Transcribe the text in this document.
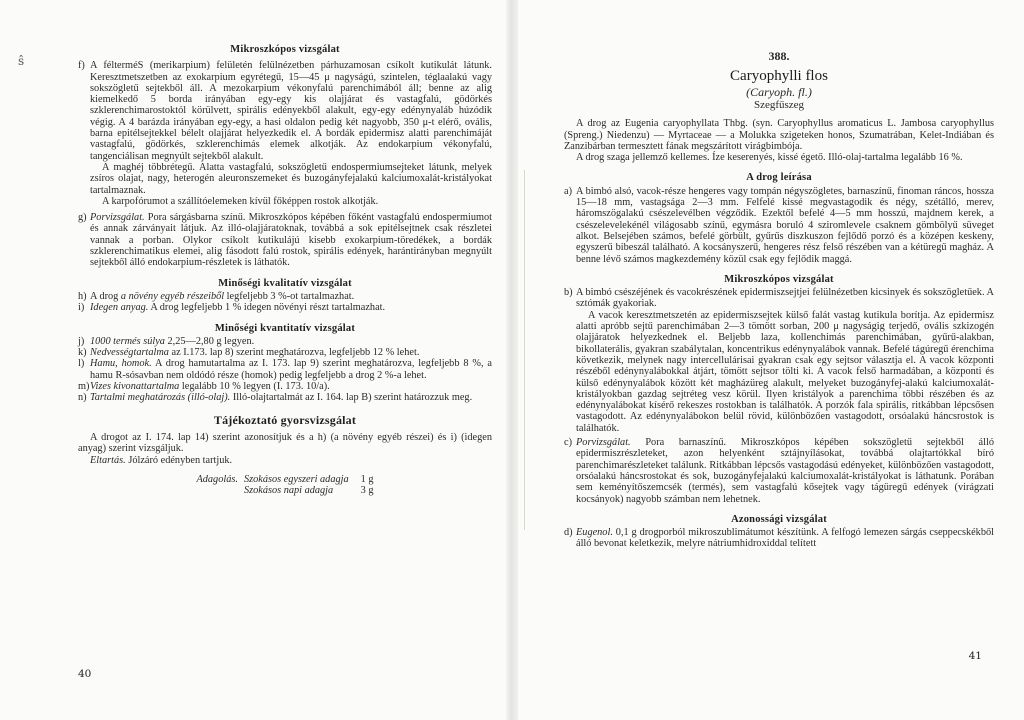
ŝ
Mikroszkópos vizsgálat
f) A félterméS (merikarpium) felületén felülnézetben párhuzamosan csíkolt kutikulát látunk. Keresztmetszetben az exokarpium egyrétegű, 15—45 μ nagyságú, szintelen, téglaalakú vagy sokszögletű sejtekből áll. A mezokarpium vékonyfalú parenchimából áll; benne az alig kiemelkedő 5 borda irányában egy-egy kis olajjárat és vastagfalú, gödörkés szklerenchimarostoktól körülvett, spirális edényekből alakult, egy-egy edénynyaláb húzódik végig. A 4 barázda irányában egy-egy, a hasi oldalon pedig két nagyobb, 350 μ-t elérő, ovális, barna epitélsejtekkel bélelt olajjárat helyezkedik el. A bordák epidermisz alatti parenchimáját vastagfalú, gödörkés, szklerenchimás elemek alkotják. Az endokarpium vékonyfalú, tangenciálisan megnyúlt sejtekből alakult.

A maghéj többrétegű. Alatta vastagfalú, sokszögletű endospermiumsejteket látunk, melyek zsíros olajat, nagy, heterogén aleuronszemeket és buzogányfejalakú kalciumoxalát-kristályokat tartalmaznak.

A karpofórumot a szállítóelemeken kívül főképpen rostok alkotják.

g) Porvizsgálat. Pora sárgásbarna színű. Mikroszkópos képében főként vastagfalú endospermiumot és annak zárványait látjuk. Az illó-olajjáratoknak, továbbá a sok epitélsejtnek csak részletei vannak a porban. Olykor csíkolt kutikulájú kisebb exokarpium-töredékek, a bordák szklerenchimatikus elemei, alig fásodott falú rostok, spirális edények, harántirányban megnyúlt sejtekből álló endokarpium-részletek is láthatók.

Minőségi kvalitatív vizsgálat
h) A drog a növény egyéb részeiből legfeljebb 3 %-ot tartalmazhat.

i) Idegen anyag. A drog legfeljebb 1 % idegen növényi részt tartalmazhat.

Minőségi kvantitatív vizsgálat
j) 1000 termés súlya 2,25—2,80 g legyen.

k) Nedvességtartalma az I.173. lap 8) szerint meghatározva, legfeljebb 12 % lehet.

l) Hamu, homok. A drog hamutartalma az I. 173. lap 9) szerint meghatározva, legfeljebb 8 %, a hamu R-sósavban nem oldódó része (homok) pedig legfeljebb a drog 2 %-a lehet.

m) Vizes kivonattartalma legalább 10 % legyen (I. 173. 10/a).

n) Tartalmi meghatározás (illó-olaj). Illó-olajtartalmát az I. 164. lap B) szerint határozzuk meg.

Tájékoztató gyorsvizsgálat

A drogot az I. 174. lap 14) szerint azonosítjuk és a h) (a növény egyéb részei) és i) (idegen anyag) szerint vizsgáljuk.

Eltartás. Jólzáró edényben tartjuk.

Adagolás. Szokásos egyszeri adagja
Szokásos napi adagja
1 g
3 g
40
388.
Caryophylli flos
(Caryoph. fl.)
Szegfűszeg

A drog az Eugenia caryophyllata Thbg. (syn. Caryophyllus aromaticus L. Jambosa caryophyllus (Spreng.) Niedenzu) — Myrtaceae — a Molukka szigeteken honos, Szumatrában, Kelet-Indiában és Zanzibárban termesztett fának megszárított virágbimbója.

A drog szaga jellemző kellemes. Íze keserenyés, kissé égető. Illó-olaj-tartalma legalább 16 %.

A drog leírása
a) A bimbó alsó, vacok-része hengeres vagy tompán négyszögletes, barnaszínű, finoman ráncos, hossza 15—18 mm, vastagsága 2—3 mm. Felfelé kissé megvastagodik és négy, szétálló, merev, háromszögalakú csészelevélben végződik. Ezektől befelé 4—5 mm hosszú, majdnem kerek, a csészelevelekénél világosabb színű, egymásra boruló 4 sziromlevele csaknem gömbölyű süveget alkot. Belsejében számos, befelé görbült, gyűrűs diszkuszon fejlődő porzó és a középen keskeny, egyszerű bibeszál található. A kocsányszerű, hengeres rész felső részében van a kétüregű magház. A benne lévő számos magkezdemény közül csak egy fejlődik maggá.

Mikroszkópos vizsgálat
b) A bimbó csészéjének és vacokrészének epidermiszsejtjei felülnézetben kicsinyek és sokszögletűek. A sztómák gyakoriak.

A vacok keresztmetszetén az epidermiszsejtek külső falát vastag kutikula borítja. Az epidermisz alatti apróbb sejtű parenchimában 2—3 tömött sorban, 200 μ nagyságig terjedő, ovális szkizogén olajjáratok helyezkednek el. Beljebb laza, kollenchimás parenchimában, gyűrű-alakban, bikollaterális, gyakran szabálytalan, koncentrikus edénynyalábok vannak. Befelé tágúregű érenchima következik, melynek nagy intercellulárisai gyakran csak egy sejtsor választja el. A vacok központi részéből edénynyalábokkal átjárt, tömött sejtsor tölti ki. A vacok felső harmadában, a központi és külső edénynyalábok között két magházüreg alakult, melyeket buzogányfej-alakú kalciumoxalát-kristályokban gazdag sejtréteg vesz körül. Ilyen kristályok a parenchima többi részében és az edénynyalábokat kísérő rekeszes rostokban is találhatók. A porzók fala spirális, ritkábban lépcsősen vastagodott. Az edénynyalábokon belül rövid, különbözően vastagodott, orsóalakú háncsrostok is találhatók.

c) Porvizsgálat. Pora barnaszínű. Mikroszkópos képében sokszögletű sejtekből álló epidermiszrészleteket, azon helyenként sztájnyílásokat, továbbá olajtartókkal bíró parenchimarészleteket találunk. Ritkábban lépcsős vastagodású edényeket, különbözően vastagodott, orsóalakú háncsrostokat és sok, buzogányfejalakú kalciumoxalát-kristályokat is láthatunk. Porában sem keményítőszemcsék (termés), sem vastagfalú kősejtek vagy tágüregű edények (virágzati kocsányok) nagyobb számban nem lehetnek.

Azonossági vizsgálat
d) Eugenol. 0,1 g drogporból mikroszublimátumot készítünk. A felfogó lemezen sárgás cseppecskékből álló bevonat keletkezik, melyre nátriumhidroxiddal telített

41
